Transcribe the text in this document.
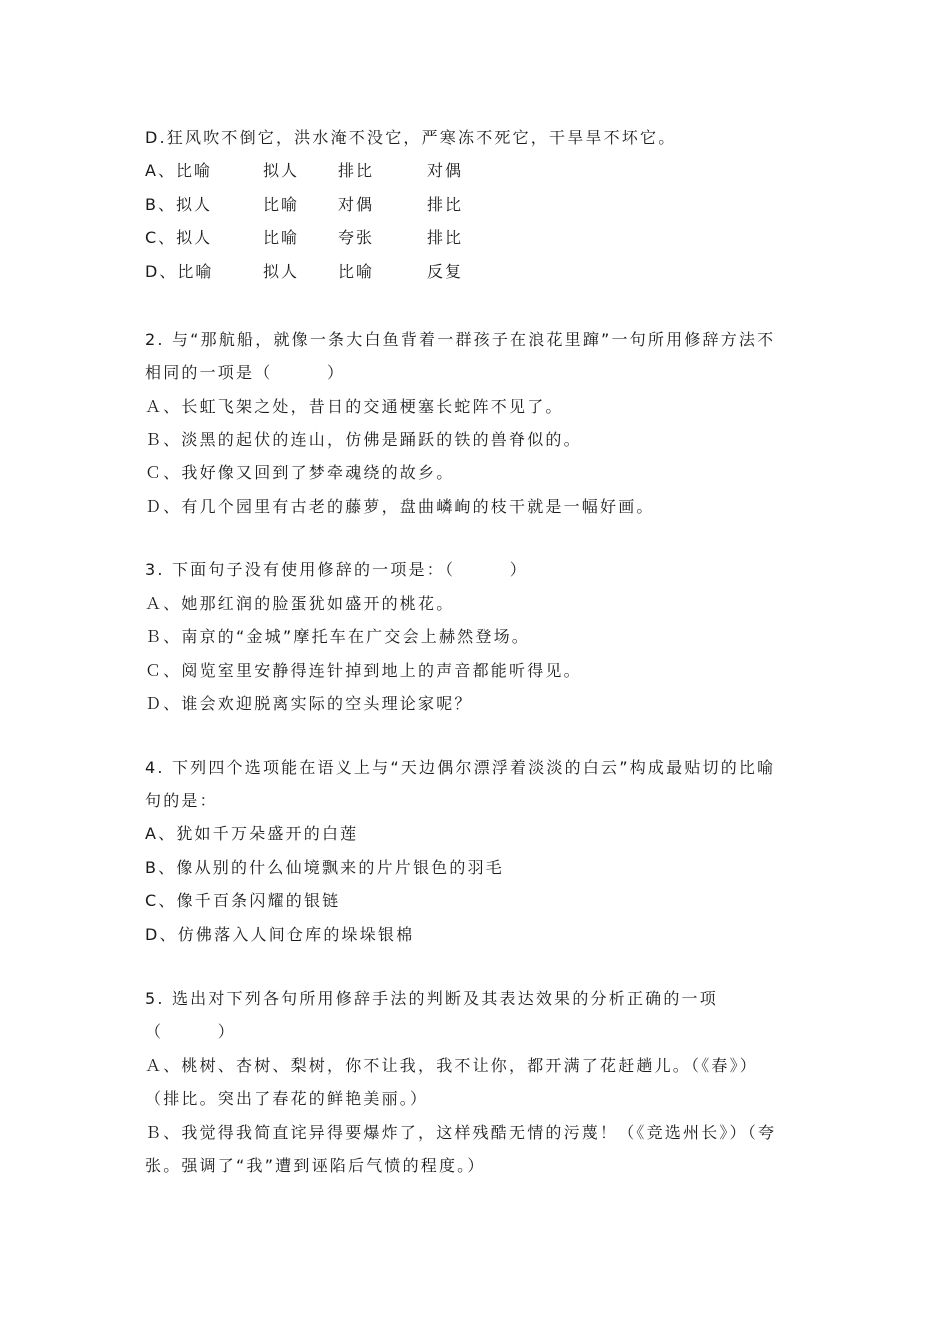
D.狂风吹不倒它，洪水淹不没它，严寒冻不死它，干旱旱不坏它。
A、比喻	拟人 排比	对偶
B、拟人	比喻 对偶	排比
C、拟人	比喻 夸张	排比
D、比喻	拟人 比喻	反复
2. 与“那航船，就像一条大白鱼背着一群孩子在浪花里蹿”一句所用修辞方法不
相同的一项是（　　　）
Ａ、长虹飞架之处，昔日的交通梗塞长蛇阵不见了。
Ｂ、淡黑的起伏的连山，仿佛是踊跃的铁的兽脊似的。
Ｃ、我好像又回到了梦牵魂绕的故乡。
Ｄ、有几个园里有古老的藤萝，盘曲嶙峋的枝干就是一幅好画。
3. 下面句子没有使用修辞的一项是：（　　　）
Ａ、她那红润的脸蛋犹如盛开的桃花。
Ｂ、南京的“金城”摩托车在广交会上赫然登场。
Ｃ、阅览室里安静得连针掉到地上的声音都能听得见。
Ｄ、谁会欢迎脱离实际的空头理论家呢？
4. 下列四个选项能在语义上与“天边偶尔漂浮着淡淡的白云”构成最贴切的比喻
句的是：
A、犹如千万朵盛开的白莲
B、像从别的什么仙境飘来的片片银色的羽毛
C、像千百条闪耀的银链
D、仿佛落入人间仓库的垛垛银棉
5. 选出对下列各句所用修辞手法的判断及其表达效果的分析正确的一项
（　　　）
Ａ、桃树、杏树、梨树，你不让我，我不让你，都开满了花赶趟儿。（《春》）
（排比。突出了春花的鲜艳美丽。）
Ｂ、我觉得我简直诧异得要爆炸了，这样残酷无情的污蔑！（《竞选州长》）（夸
张。强调了“我”遭到诬陷后气愤的程度。）
